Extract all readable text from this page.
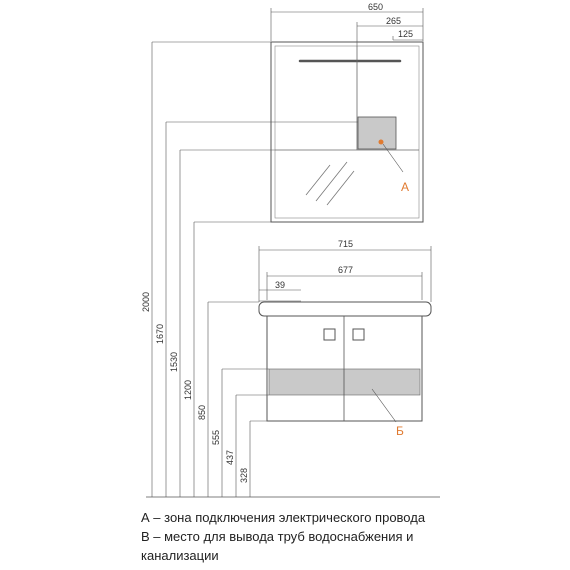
А
650
265
125
Б
715
677
39
2000
1670
1530
1200
850
555
437
328
А – зона подключения электрического провода
В – место для вывода труб водоснабжения и
канализации
